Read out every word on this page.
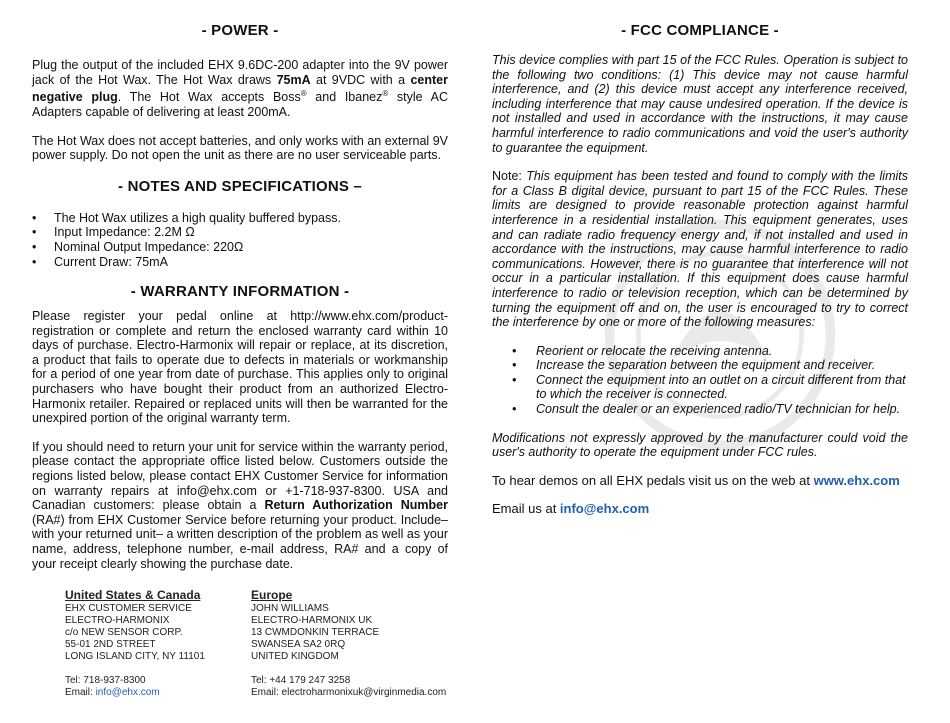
- POWER -

Plug the output of the included EHX 9.6DC-200 adapter into the 9V power jack of the Hot Wax. The Hot Wax draws 75mA at 9VDC with a center negative plug. The Hot Wax accepts Boss® and Ibanez® style AC Adapters capable of delivering at least 200mA.

The Hot Wax does not accept batteries, and only works with an external 9V power supply. Do not open the unit as there are no user serviceable parts.

- NOTES AND SPECIFICATIONS –
• The Hot Wax utilizes a high quality buffered bypass.
• Input Impedance: 2.2M Ω
• Nominal Output Impedance: 220Ω
• Current Draw: 75mA
- WARRANTY INFORMATION -

Please register your pedal online at http://www.ehx.com/product-registration or complete and return the enclosed warranty card within 10 days of purchase. Electro-Harmonix will repair or replace, at its discretion, a product that fails to operate due to defects in materials or workmanship for a period of one year from date of purchase. This applies only to original purchasers who have bought their product from an authorized Electro-Harmonix retailer. Repaired or replaced units will then be warranted for the unexpired portion of the original warranty term.

If you should need to return your unit for service within the warranty period, please contact the appropriate office listed below. Customers outside the regions listed below, please contact EHX Customer Service for information on warranty repairs at info@ehx.com or +1-718-937-8300. USA and Canadian customers: please obtain a Return Authorization Number (RA#) from EHX Customer Service before returning your product. Include–with your returned unit– a written description of the problem as well as your name, address, telephone number, e-mail address, RA# and a copy of your receipt clearly showing the purchase date.

United States & Canada
EHX CUSTOMER SERVICE
ELECTRO-HARMONIX
c/o NEW SENSOR CORP.
55-01 2ND STREET
LONG ISLAND CITY, NY 11101
Tel: 718-937-8300
Email: info@ehx.com
Europe
JOHN WILLIAMS
ELECTRO-HARMONIX UK
13 CWMDONKIN TERRACE
SWANSEA SA2 0RQ
UNITED KINGDOM
Tel: +44 179 247 3258
Email: electroharmonixuk@virginmedia.com
- FCC COMPLIANCE -

This device complies with part 15 of the FCC Rules. Operation is subject to the following two conditions: (1) This device may not cause harmful interference, and (2) this device must accept any interference received, including interference that may cause undesired operation. If the device is not installed and used in accordance with the instructions, it may cause harmful interference to radio communications and void the user's authority to guarantee the equipment.

Note: This equipment has been tested and found to comply with the limits for a Class B digital device, pursuant to part 15 of the FCC Rules. These limits are designed to provide reasonable protection against harmful interference in a residential installation. This equipment generates, uses and can radiate radio frequency energy and, if not installed and used in accordance with the instructions, may cause harmful interference to radio communications. However, there is no guarantee that interference will not occur in a particular installation. If this equipment does cause harmful interference to radio or television reception, which can be determined by turning the equipment off and on, the user is encouraged to try to correct the interference by one or more of the following measures:

• Reorient or relocate the receiving antenna.
• Increase the separation between the equipment and receiver.
• Connect the equipment into an outlet on a circuit different from that to which the receiver is connected.
• Consult the dealer or an experienced radio/TV technician for help.

Modifications not expressly approved by the manufacturer could void the user's authority to operate the equipment under FCC rules.

To hear demos on all EHX pedals visit us on the web at www.ehx.com

Email us at info@ehx.com
